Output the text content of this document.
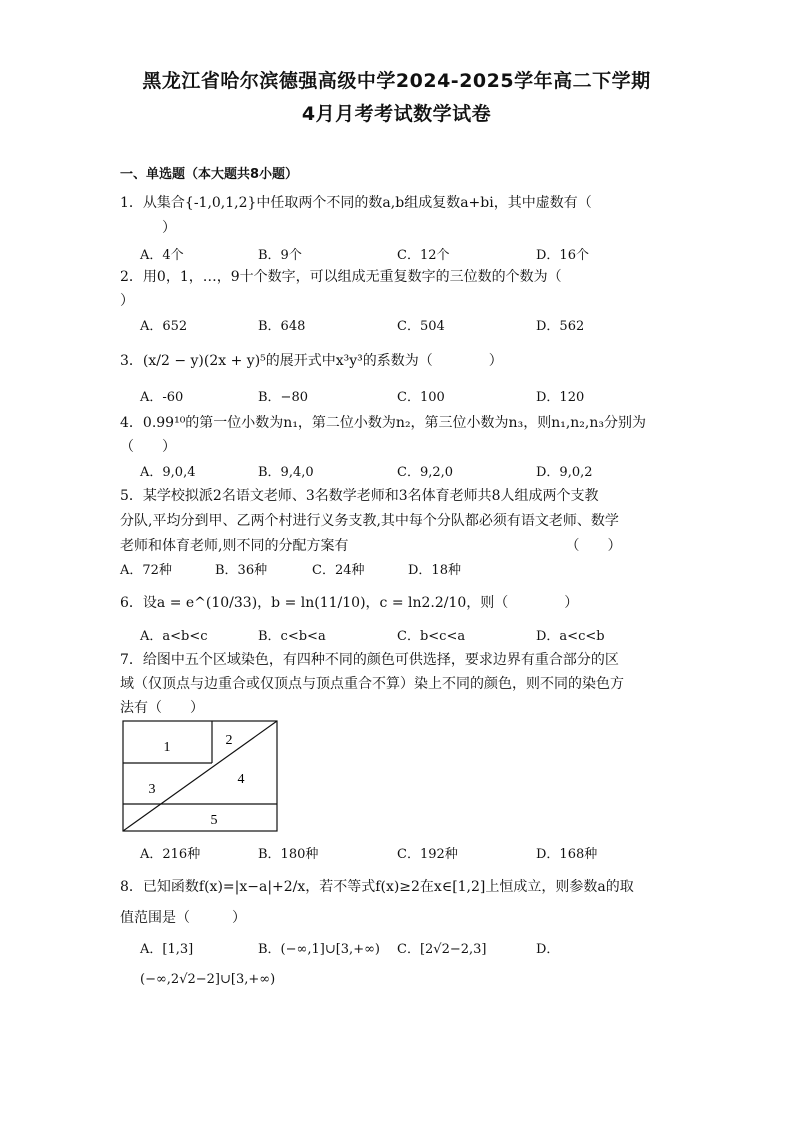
黑龙江省哈尔滨德强高级中学2024-2025学年高二下学期
4月月考考试数学试卷
一、单选题（本大题共8小题）
1．从集合{-1,0,1,2}中任取两个不同的数a,b组成复数a+bi，其中虚数有（
　　　）
A．4个	B．9个	C．12个	D．16个
2．用0，1，…，9十个数字，可以组成无重复数字的三位数的个数为（
）
A．652	B．648	C．504	D．562
3．(x/2 − y)(2x + y)⁵的展开式中x³y³的系数为（　　　　）
A．-60	B．−80	C．100	D．120
4．0.99¹⁰的第一位小数为n₁，第二位小数为n₂，第三位小数为n₃，则n₁,n₂,n₃分别为
（　　）
A．9,0,4	B．9,4,0	C．9,2,0	D．9,0,2
5．某学校拟派2名语文老师、3名数学老师和3名体育老师共8人组成两个支教
分队,平均分到甲、乙两个村进行义务支教,其中每个分队都必须有语文老师、数学
老师和体育老师,则不同的分配方案有　　　　　　　　　　　　　　　　（　　）
A．72种	B．36种	C．24种	D．18种
6．设a = e^(10/33)，b = ln(11/10)，c = ln2.2/10，则（　　　　）
A．a<b<c	B．c<b<a	C．b<c<a	D．a<c<b
7．给图中五个区域染色，有四种不同的颜色可供选择，要求边界有重合部分的区
域（仅顶点与边重合或仅顶点与顶点重合不算）染上不同的颜色，则不同的染色方
法有（　　）
1	2
3
4
5
A．216种	B．180种	C．192种	D．168种
8．已知函数f(x)=|x−a|+2/x，若不等式f(x)≥2在x∈[1,2]上恒成立，则参数a的取
值范围是（　　　）
A．[1,3]	B．(−∞,1]∪[3,+∞) C．[2√2−2,3]	D．
(−∞,2√2−2]∪[3,+∞)
